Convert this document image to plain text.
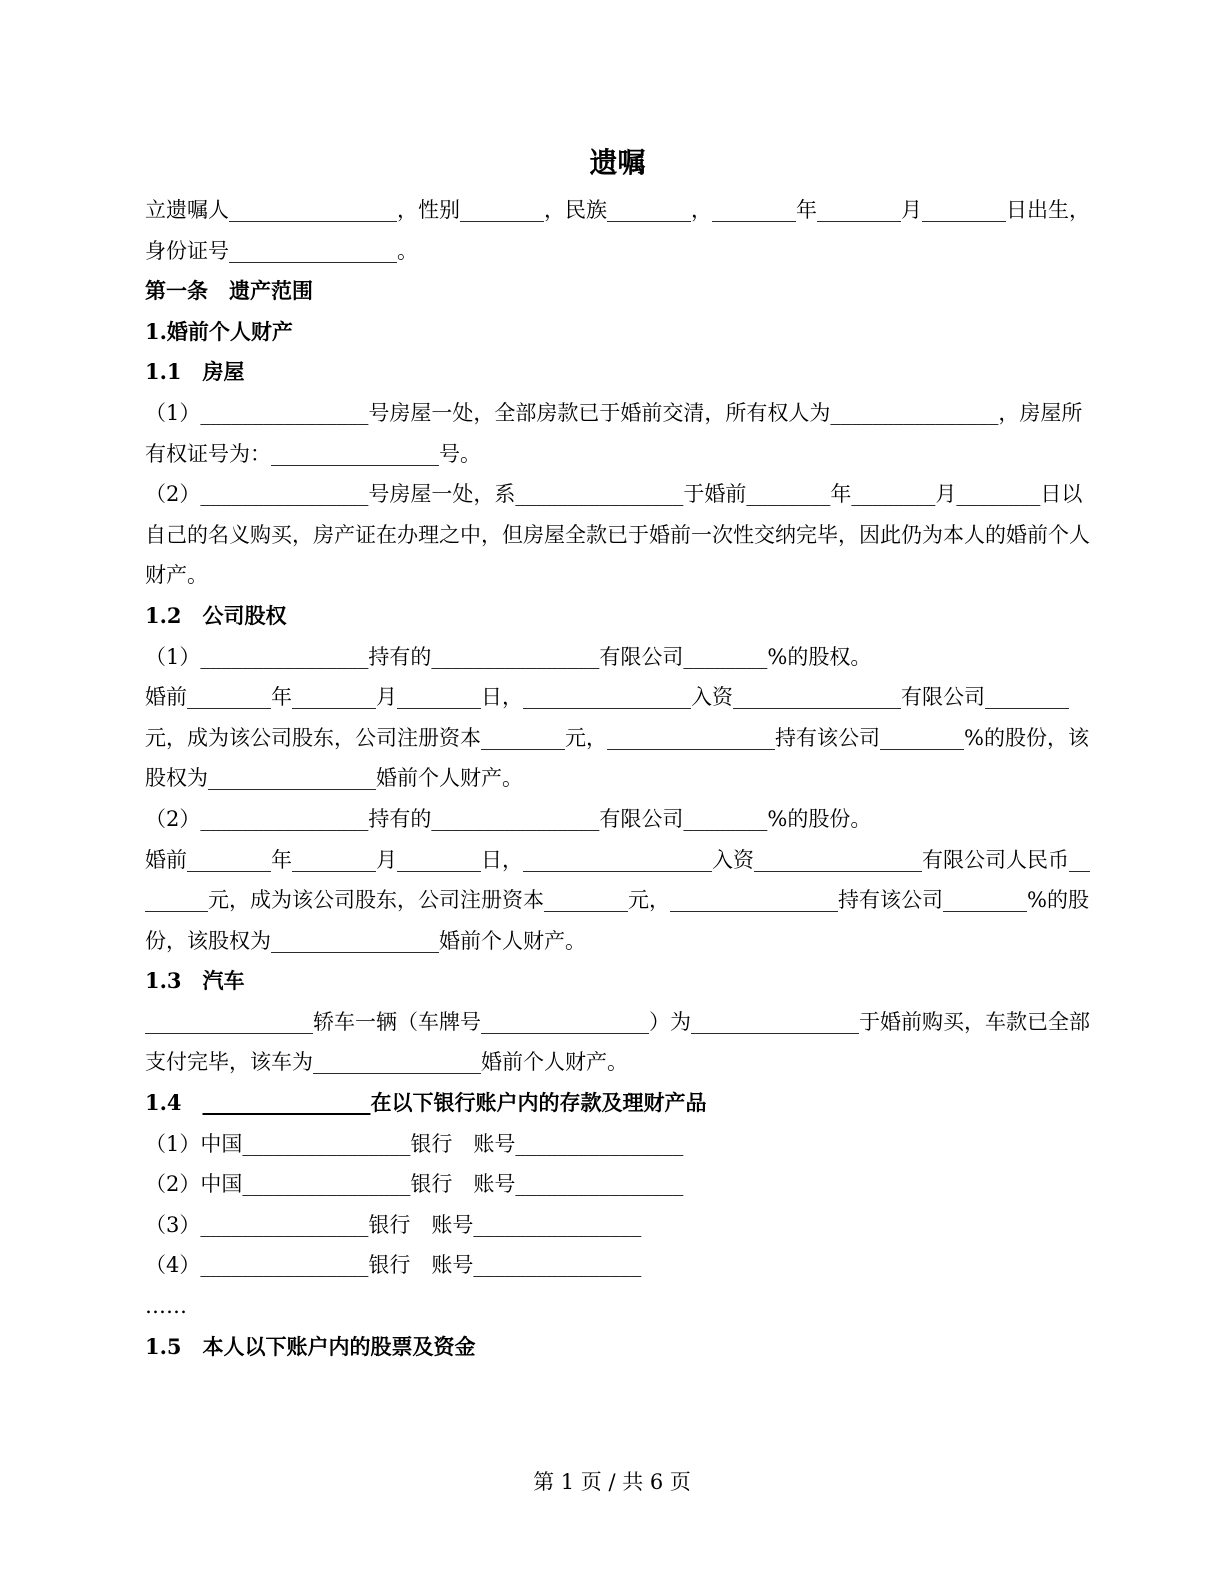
遗嘱

立遗嘱人________________，性别________，民族________，________年________月________日出生，身份证号________________。

第一条　遗产范围

1.婚前个人财产

1.1　房屋

（1）________________号房屋一处，全部房款已于婚前交清，所有权人为________________，房屋所有权证号为：________________号。

（2）________________号房屋一处，系________________于婚前________年________月________日以自己的名义购买，房产证在办理之中，但房屋全款已于婚前一次性交纳完毕，因此仍为本人的婚前个人财产。

1.2　公司股权

（1）________________持有的________________有限公司________%的股权。

婚前________年________月________日，________________入资________________有限公司________元，成为该公司股东，公司注册资本________元，________________持有该公司________%的股份，该股权为________________婚前个人财产。

（2）________________持有的________________有限公司________%的股份。

婚前________年________月________日，__________________入资________________有限公司人民币________元，成为该公司股东，公司注册资本________元，________________持有该公司________%的股份，该股权为________________婚前个人财产。

1.3　汽车

________________轿车一辆（车牌号________________）为________________于婚前购买，车款已全部支付完毕，该车为________________婚前个人财产。

1.4　________________在以下银行账户内的存款及理财产品

（1）中国________________银行　账号________________

（2）中国________________银行　账号________________

（3）________________银行　账号________________

（4）________________银行　账号________________

……

1.5　本人以下账户内的股票及资金

第 1 页 / 共 6 页
